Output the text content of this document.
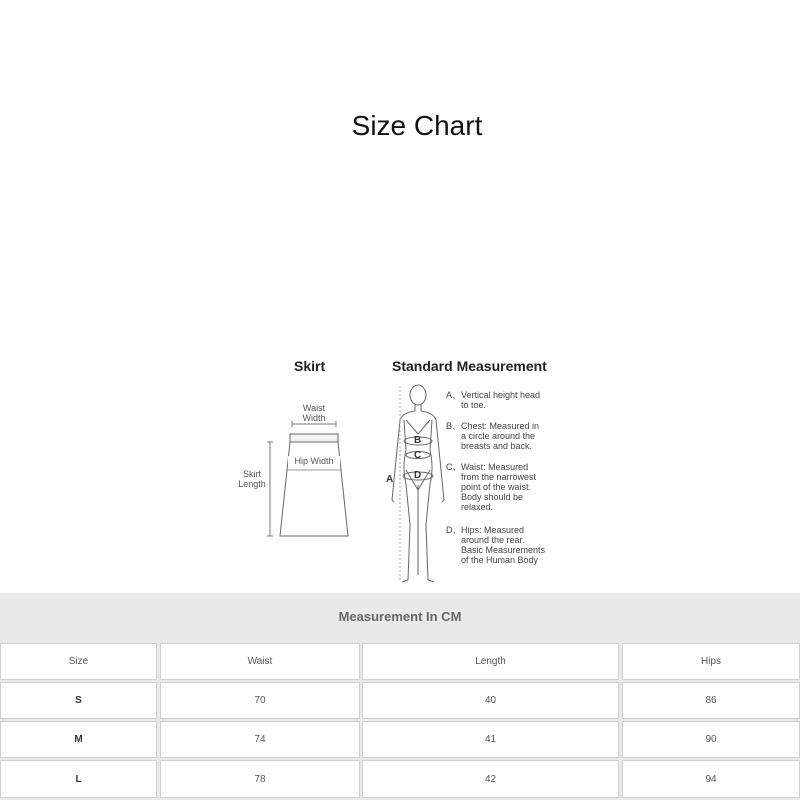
Size Chart
Skirt	Standard Measurement
Waist
Width
Hip Width
Skirt
Length	A
B
C
D
A、 Vertical height head
to toe.
B、 Chest: Measured in
a circle around the
breasts and back.
C、 Waist: Measured
from the narrowest
point of the waist.
Body should be
relaxed.
D、 Hips: Measured
around the rear.
Basic Measurements
of the Human Body
Measurement In CM
Size	Waist	Length	Hips
S	70	40	86
M	74	41	90
L	78	42	94
